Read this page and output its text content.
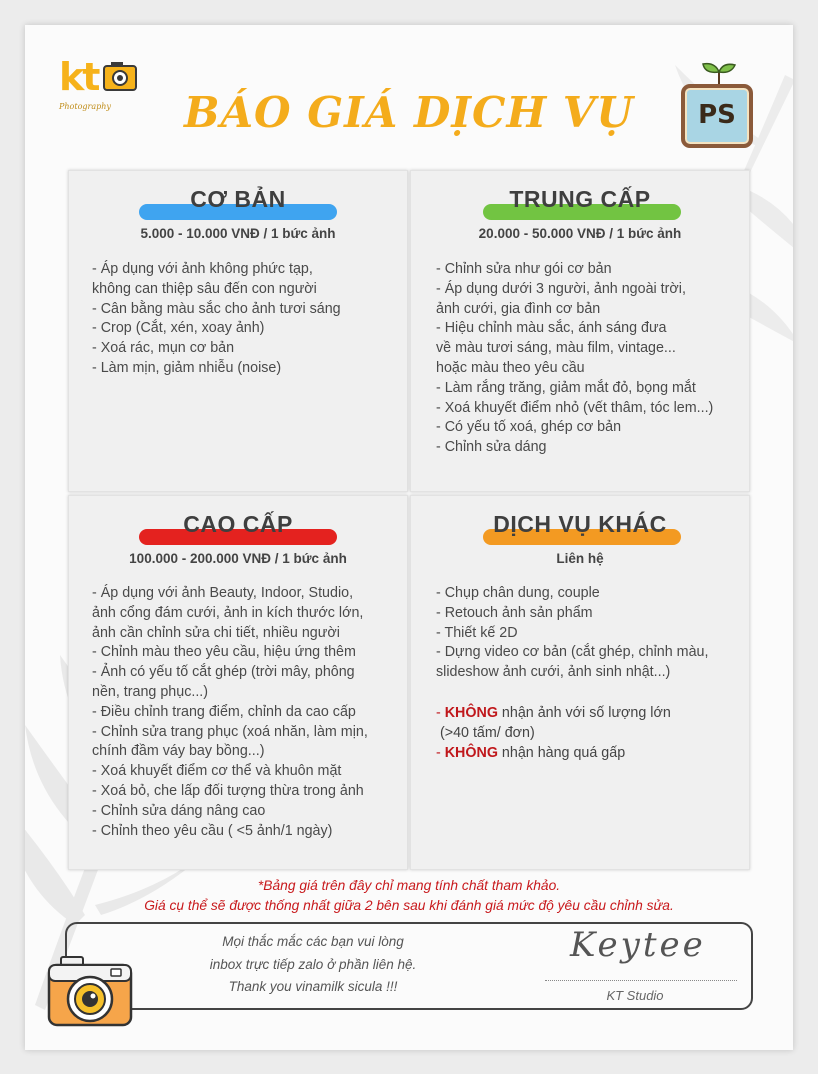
kt
Photography	BÁO GIÁ DỊCH VỤ	PS
CƠ BẢN
5.000 - 10.000 VNĐ / 1 bức ảnh
- Áp dụng với ảnh không phức tạp,
không can thiệp sâu đến con người
- Cân bằng màu sắc cho ảnh tươi sáng
- Crop (Cắt, xén, xoay ảnh)
- Xoá rác, mụn cơ bản
- Làm mịn, giảm nhiễu (noise)
TRUNG CẤP
20.000 - 50.000 VNĐ / 1 bức ảnh
- Chỉnh sửa như gói cơ bản
- Áp dụng dưới 3 người, ảnh ngoài trời,
ảnh cưới, gia đình cơ bản
- Hiệu chỉnh màu sắc, ánh sáng đưa
về màu tươi sáng, màu film, vintage...
hoặc màu theo yêu cầu
- Làm rắng trăng, giảm mắt đỏ, bọng mắt
- Xoá khuyết điểm nhỏ (vết thâm, tóc lem...)
- Có yếu tố xoá, ghép cơ bản
- Chỉnh sửa dáng
CAO CẤP
100.000 - 200.000 VNĐ / 1 bức ảnh
- Áp dụng với ảnh Beauty, Indoor, Studio,
ảnh cổng đám cưới, ảnh in kích thước lớn,
ảnh cần chỉnh sửa chi tiết, nhiều người
- Chỉnh màu theo yêu cầu, hiệu ứng thêm
- Ảnh có yếu tố cắt ghép (trời mây, phông
nền, trang phục...)
- Điều chỉnh trang điểm, chỉnh da cao cấp
- Chỉnh sửa trang phục (xoá nhăn, làm mịn,
chính đầm váy bay bồng...)
- Xoá khuyết điểm cơ thể và khuôn mặt
- Xoá bỏ, che lấp đối tượng thừa trong ảnh
- Chỉnh sửa dáng nâng cao
- Chỉnh theo yêu cầu ( <5 ảnh/1 ngày)
DỊCH VỤ KHÁC
Liên hệ
- Chụp chân dung, couple
- Retouch ảnh sản phẩm
- Thiết kế 2D
- Dựng video cơ bản (cắt ghép, chỉnh màu,
slideshow ảnh cưới, ảnh sinh nhật...)
- KHÔNG nhận ảnh với số lượng lớn
(>40 tấm/ đơn)
- KHÔNG nhận hàng quá gấp
*Bảng giá trên đây chỉ mang tính chất tham khảo.
Giá cụ thể sẽ được thống nhất giữa 2 bên sau khi đánh giá mức độ yêu cầu chỉnh sửa.
Mọi thắc mắc các bạn vui lòng
inbox trực tiếp zalo ở phần liên hệ.
Thank you vinamilk sicula !!!
Keytee
KT Studio
